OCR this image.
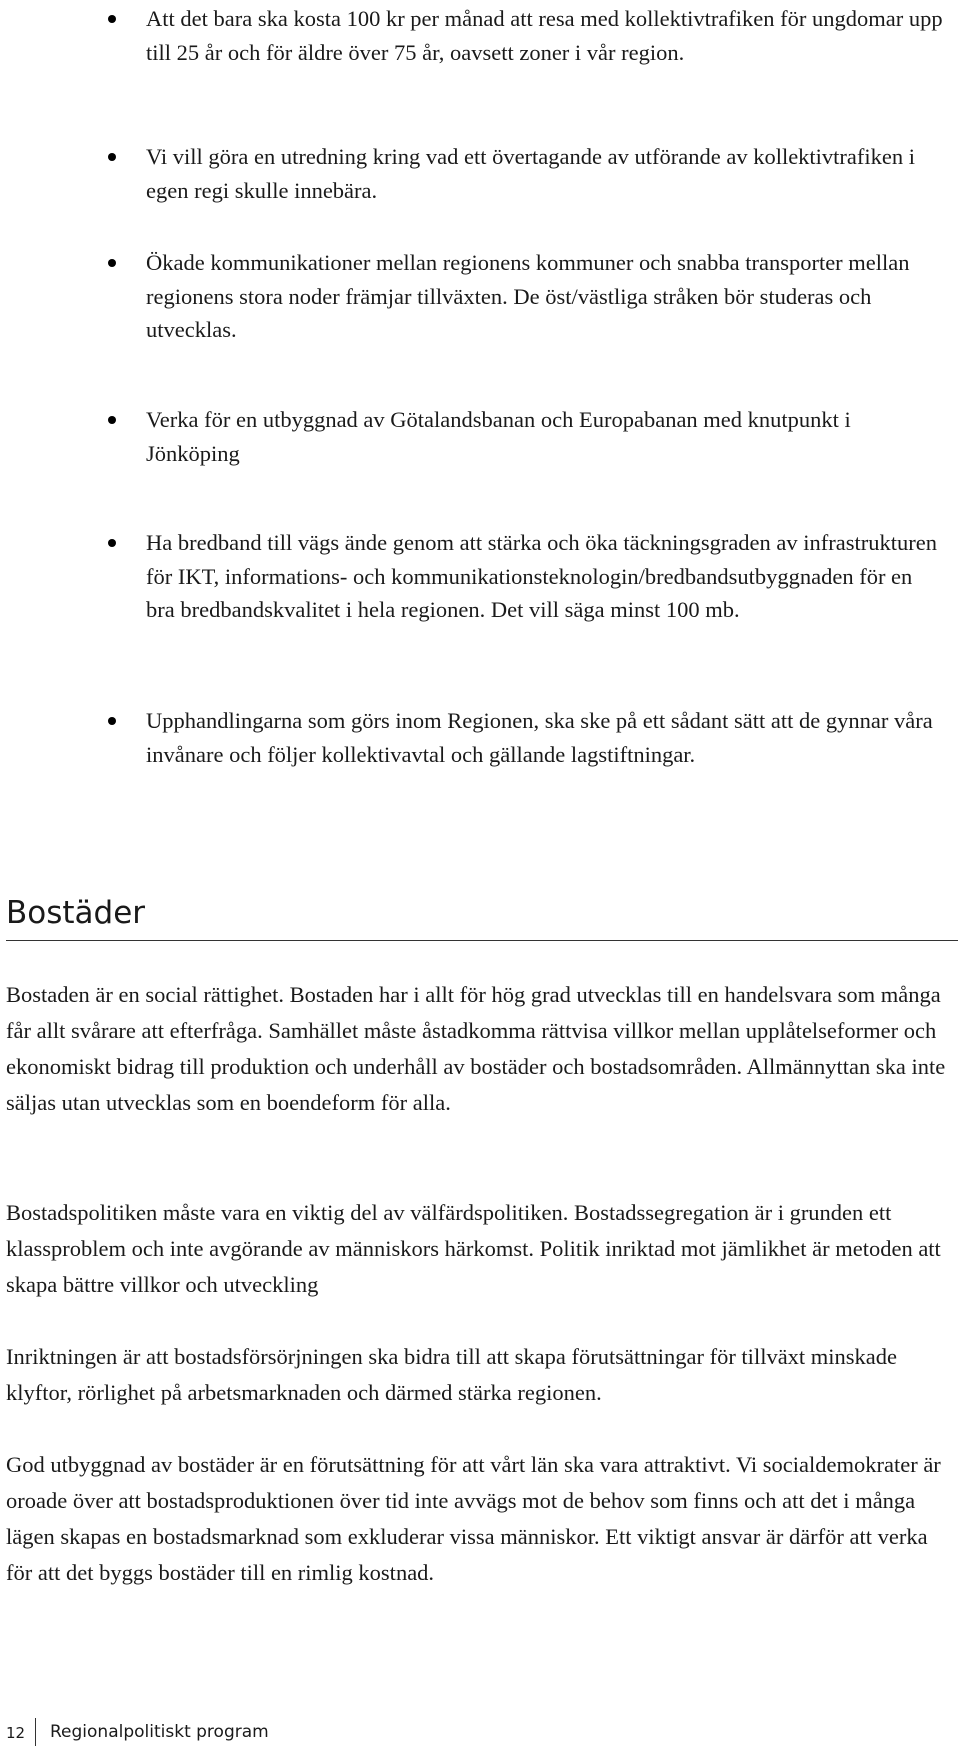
Att det bara ska kosta 100 kr per månad att resa med kollektivtrafiken för ungdomar upp till 25 år och för äldre över 75 år, oavsett zoner i vår region.
Vi vill göra en utredning kring vad ett övertagande av utförande av kollektivtrafiken i egen regi skulle innebära.
Ökade kommunikationer mellan regionens kommuner och snabba transporter mellan regionens stora noder främjar tillväxten. De öst/västliga stråken bör studeras och utvecklas.
Verka för en utbyggnad av Götalandsbanan och Europabanan med knutpunkt i Jönköping
Ha bredband till vägs ände genom att stärka och öka täckningsgraden av infrastrukturen för IKT, informations- och kommunikationsteknologin/bredbandsutbyggnaden för en bra bredbandskvalitet i hela regionen. Det vill säga minst 100 mb.
Upphandlingarna som görs inom Regionen, ska ske på ett sådant sätt att de gynnar våra invånare och följer kollektivavtal och gällande lagstiftningar.
Bostäder

Bostaden är en social rättighet. Bostaden har i allt för hög grad utvecklas till en handelsvara som många får allt svårare att efterfråga. Samhället måste åstadkomma rättvisa villkor mellan upplåtelseformer och ekonomiskt bidrag till produktion och underhåll av bostäder och bostadsområden. Allmännyttan ska inte säljas utan utvecklas som en boendeform för alla.

Bostadspolitiken måste vara en viktig del av välfärdspolitiken. Bostadssegregation är i grunden ett klassproblem och inte avgörande av människors härkomst. Politik inriktad mot jämlikhet är metoden att skapa bättre villkor och utveckling

Inriktningen är att bostadsförsörjningen ska bidra till att skapa förutsättningar för tillväxt minskade klyftor, rörlighet på arbetsmarknaden och därmed stärka regionen.

God utbyggnad av bostäder är en förutsättning för att vårt län ska vara attraktivt. Vi socialdemokrater är oroade över att bostadsproduktionen över tid inte avvägs mot de behov som finns och att det i många lägen skapas en bostadsmarknad som exkluderar vissa människor. Ett viktigt ansvar är därför att verka för att det byggs bostäder till en rimlig kostnad.

12 Regionalpolitiskt program
